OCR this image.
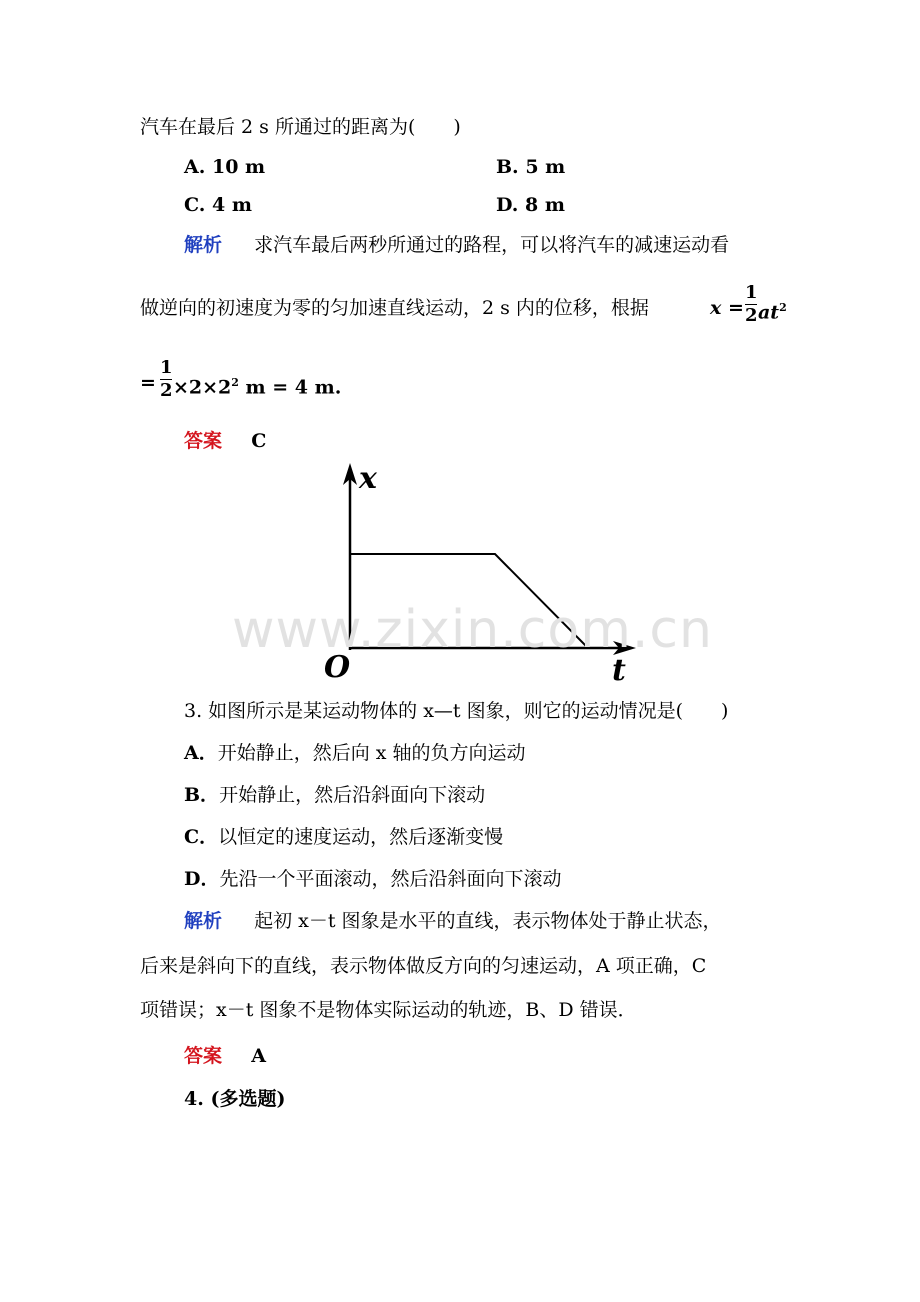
汽车在最后 2 s 所通过的距离为(　　)
A. 10 m	B. 5 m
C. 4 m	D. 8 m
解析 求汽车最后两秒所通过的路程，可以将汽车的减速运动看
做逆向的初速度为零的匀加速直线运动，2 s 内的位移，根据	x =
1
2 $at^2$
=
1
$2 \times 2\times 2^2$ m = 4 m.
答案 C
x
t
O
www.zixin.com.cn
3. 如图所示是某运动物体的 x—t 图象，则它的运动情况是(　　)
A．开始静止，然后向 x 轴的负方向运动
B．开始静止，然后沿斜面向下滚动
C．以恒定的速度运动，然后逐渐变慢
D．先沿一个平面滚动，然后沿斜面向下滚动
解析 起初 x－t 图象是水平的直线，表示物体处于静止状态，
后来是斜向下的直线，表示物体做反方向的匀速运动，A 项正确，C
项错误；x－t 图象不是物体实际运动的轨迹，B、D 错误．
答案 A
4. (多选题)
